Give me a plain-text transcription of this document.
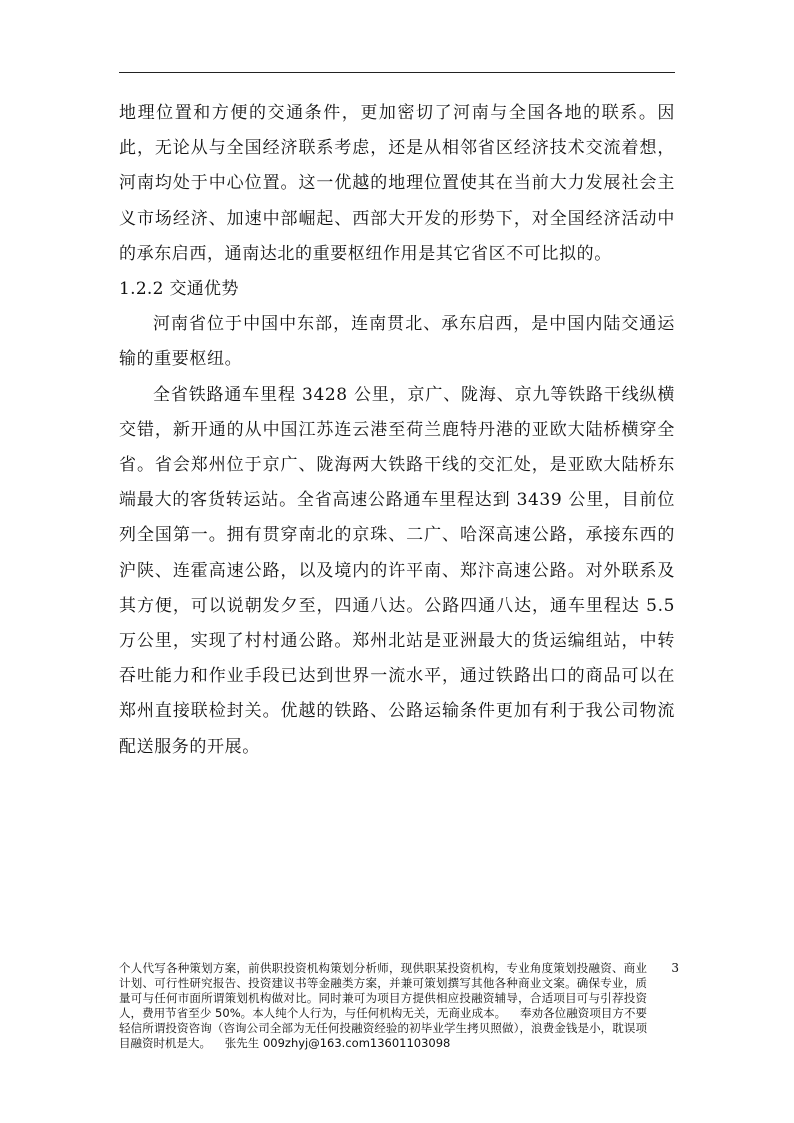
地理位置和方便的交通条件，更加密切了河南与全国各地的联系。因此，无论从与全国经济联系考虑，还是从相邻省区经济技术交流着想，河南均处于中心位置。这一优越的地理位置使其在当前大力发展社会主义市场经济、加速中部崛起、西部大开发的形势下，对全国经济活动中的承东启西，通南达北的重要枢纽作用是其它省区不可比拟的。

1.2.2 交通优势

河南省位于中国中东部，连南贯北、承东启西，是中国内陆交通运输的重要枢纽。

全省铁路通车里程 3428 公里，京广、陇海、京九等铁路干线纵横交错，新开通的从中国江苏连云港至荷兰鹿特丹港的亚欧大陆桥横穿全省。省会郑州位于京广、陇海两大铁路干线的交汇处，是亚欧大陆桥东端最大的客货转运站。全省高速公路通车里程达到 3439 公里，目前位列全国第一。拥有贯穿南北的京珠、二广、哈深高速公路，承接东西的沪陕、连霍高速公路，以及境内的许平南、郑汴高速公路。对外联系及其方便，可以说朝发夕至，四通八达。公路四通八达，通车里程达 5.5 万公里，实现了村村通公路。郑州北站是亚洲最大的货运编组站，中转吞吐能力和作业手段已达到世界一流水平，通过铁路出口的商品可以在郑州直接联检封关。优越的铁路、公路运输条件更加有利于我公司物流配送服务的开展。

个人代写各种策划方案，前供职投资机构策划分析师，现供职某投资机构，专业角度策划投融资、商业计划、可行性研究报告、投资建议书等金融类方案，并兼可策划撰写其他各种商业文案。确保专业，质量可与任何市面所谓策划机构做对比。同时兼可为项目方提供相应投融资辅导，合适项目可与引荐投资人，费用节省至少 50%。本人纯个人行为，与任何机构无关，无商业成本。 奉劝各位融资项目方不要轻信所谓投资咨询（咨询公司全部为无任何投融资经验的初毕业学生拷贝照做），浪费金钱是小，耽误项目融资时机是大。 张先生 009zhyj@163.com13601103098
3
